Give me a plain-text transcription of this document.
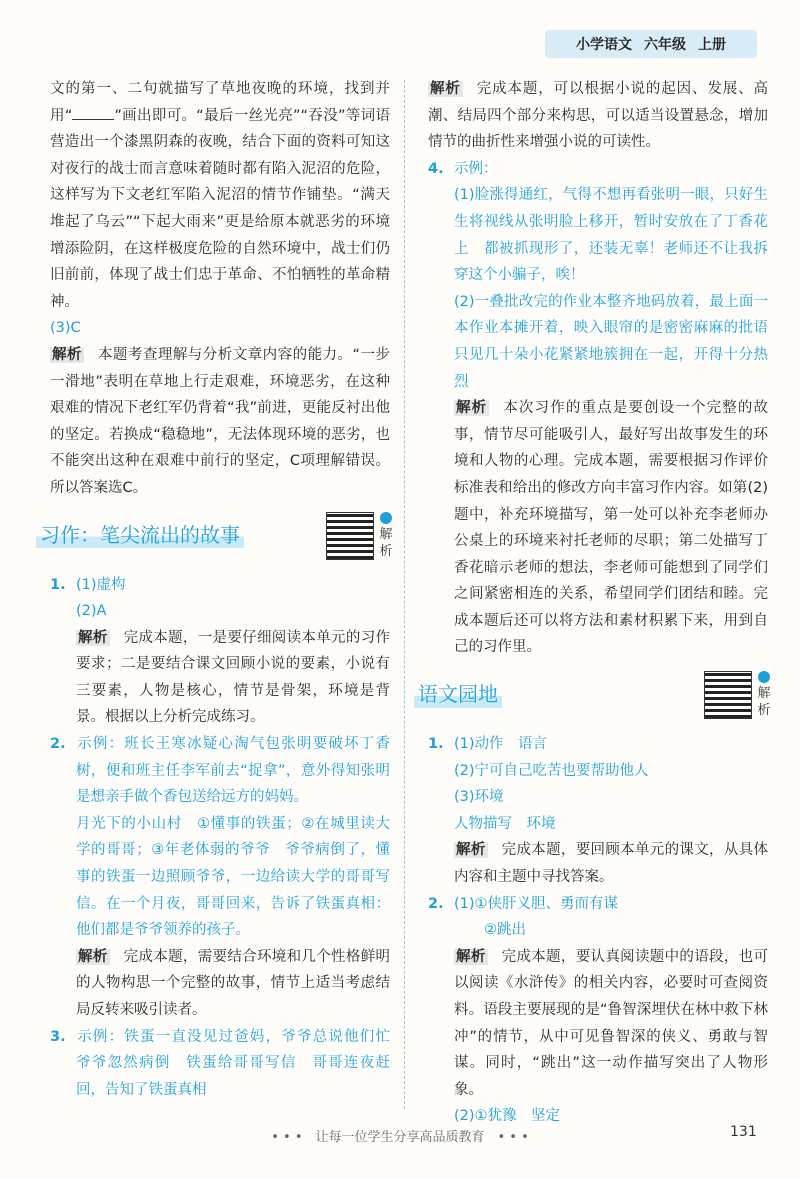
小学语文 六年级 上册

文的第一、二句就描写了草地夜晚的环境，找到并用“	”画出即可。“最后一丝光亮”“吞没”等词语营造出一个漆黑阴森的夜晚，结合下面的资料可知这对夜行的战士而言意味着随时都有陷入泥沼的危险，这样写为下文老红军陷入泥沼的情节作铺垫。“满天堆起了乌云”“下起大雨来”更是给原本就恶劣的环境增添险阴，在这样极度危险的自然环境中，战士们仍旧前前，体现了战士们忠于革命、不怕牺牲的革命精神。

(3)C

解析 本题考查理解与分析文章内容的能力。“一步一滑地”表明在草地上行走艰难，环境恶劣，在这种艰难的情况下老红军仍背着“我”前进，更能反衬出他的坚定。若换成“稳稳地”，无法体现环境的恶劣，也不能突出这种在艰难中前行的坚定，C项理解错误。所以答案选C。

习作：笔尖流出的故事	解析

1. (1)虚构

(2)A

解析 完成本题，一是要仔细阅读本单元的习作要求；二是要结合课文回顾小说的要素，小说有三要素，人物是核心，情节是骨架，环境是背景。根据以上分析完成练习。

2. 示例：班长王寒冰疑心淘气包张明要破坏丁香树，便和班主任李军前去“捉拿”，意外得知张明是想亲手做个香包送给远方的妈妈。

月光下的小山村　①懂事的铁蛋；②在城里读大学的哥哥；③年老体弱的爷爷　爷爷病倒了，懂事的铁蛋一边照顾爷爷，一边给读大学的哥哥写信。在一个月夜，哥哥回来，告诉了铁蛋真相：他们都是爷爷领养的孩子。

解析 完成本题，需要结合环境和几个性格鲜明的人物构思一个完整的故事，情节上适当考虑结局反转来吸引读者。

3. 示例：铁蛋一直没见过爸妈，爷爷总说他们忙　爷爷忽然病倒　铁蛋给哥哥写信　哥哥连夜赶回，告知了铁蛋真相

解析 完成本题，可以根据小说的起因、发展、高潮、结局四个部分来构思，可以适当设置悬念，增加情节的曲折性来增强小说的可读性。

4. 示例：

(1)脸涨得通红，气得不想再看张明一眼，只好生生将视线从张明脸上移开，暂时安放在了丁香花上　都被抓现形了，还装无辜！老师还不让我拆穿这个小骗子，唉！

(2)一叠批改完的作业本整齐地码放着，最上面一本作业本摊开着，映入眼帘的是密密麻麻的批语　只见几十朵小花紧紧地簇拥在一起，开得十分热烈

解析 本次习作的重点是要创设一个完整的故事，情节尽可能吸引人，最好写出故事发生的环境和人物的心理。完成本题，需要根据习作评价标准表和给出的修改方向丰富习作内容。如第(2)题中，补充环境描写，第一处可以补充李老师办公桌上的环境来衬托老师的尽职；第二处描写丁香花暗示老师的想法，李老师可能想到了同学们之间紧密相连的关系，希望同学们团结和睦。完成本题后还可以将方法和素材积累下来，用到自己的习作里。

语文园地	解析

1. (1)动作　语言

(2)宁可自己吃苦也要帮助他人

(3)环境

人物描写　环境

解析 完成本题，要回顾本单元的课文，从具体内容和主题中寻找答案。

2. (1)①侠肝义胆、勇而有谋

②跳出

解析 完成本题，要认真阅读题中的语段，也可以阅读《水浒传》的相关内容，必要时可查阅资料。语段主要展现的是“鲁智深埋伏在林中救下林冲”的情节，从中可见鲁智深的侠义、勇敢与智谋。同时，“跳出”这一动作描写突出了人物形象。

(2)①犹豫　坚定

• • •　让每一位学生分享高品质教育　• • •	131
